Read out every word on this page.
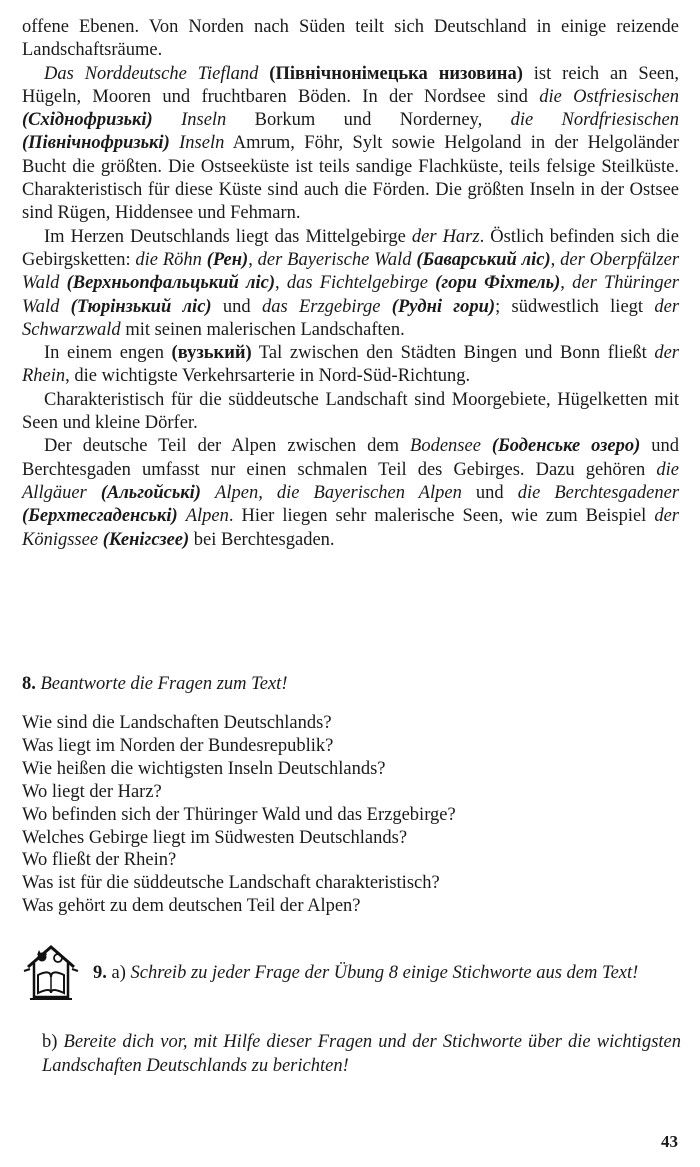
offene Ebenen. Von Norden nach Süden teilt sich Deutschland in einige reizende Landschaftsräume.

Das Norddeutsche Tiefland (Північнонімецька низовина) ist reich an Seen, Hügeln, Mooren und fruchtbaren Böden. In der Nordsee sind die Ostfriesischen (Східнофризькі) Inseln Borkum und Norderney, die Nordfriesischen (Північнофризькі) Inseln Amrum, Föhr, Sylt sowie Helgoland in der Helgoländer Bucht die größten. Die Ostseeküste ist teils sandige Flachküste, teils felsige Steilküste. Charakteristisch für diese Küste sind auch die Förden. Die größten Inseln in der Ostsee sind Rügen, Hiddensee und Fehmarn.

Im Herzen Deutschlands liegt das Mittelgebirge der Harz. Östlich befinden sich die Gebirgsketten: die Röhn (Рен), der Bayerische Wald (Баварський ліс), der Oberpfälzer Wald (Верхньопфальцький ліс), das Fichtelgebirge (гори Фіхтель), der Thüringer Wald (Тюрінзький ліс) und das Erzgebirge (Рудні гори); südwestlich liegt der Schwarzwald mit seinen malerischen Landschaften.

In einem engen (вузький) Tal zwischen den Städten Bingen und Bonn fließt der Rhein, die wichtigste Verkehrsarterie in Nord-Süd-Richtung.

Charakteristisch für die süddeutsche Landschaft sind Moorgebiete, Hügelketten mit Seen und kleine Dörfer.

Der deutsche Teil der Alpen zwischen dem Bodensee (Боденське озеро) und Berchtesgaden umfasst nur einen schmalen Teil des Gebirges. Dazu gehören die Allgäuer (Альгойські) Alpen, die Bayerischen Alpen und die Berchtesgadener (Берхтесгаденські) Alpen. Hier liegen sehr malerische Seen, wie zum Beispiel der Königssee (Кенігсзее) bei Berchtesgaden.

8. Beantworte die Fragen zum Text!
Wie sind die Landschaften Deutschlands?
Was liegt im Norden der Bundesrepublik?
Wie heißen die wichtigsten Inseln Deutschlands?
Wo liegt der Harz?
Wo befinden sich der Thüringer Wald und das Erzgebirge?
Welches Gebirge liegt im Südwesten Deutschlands?
Wo fließt der Rhein?
Was ist für die süddeutsche Landschaft charakteristisch?
Was gehört zu dem deutschen Teil der Alpen?
9. a) Schreib zu jeder Frage der Übung 8 einige Stichworte aus dem Text!
b) Bereite dich vor, mit Hilfe dieser Fragen und der Stichworte über die wichtigsten Landschaften Deutschlands zu berichten!
43
